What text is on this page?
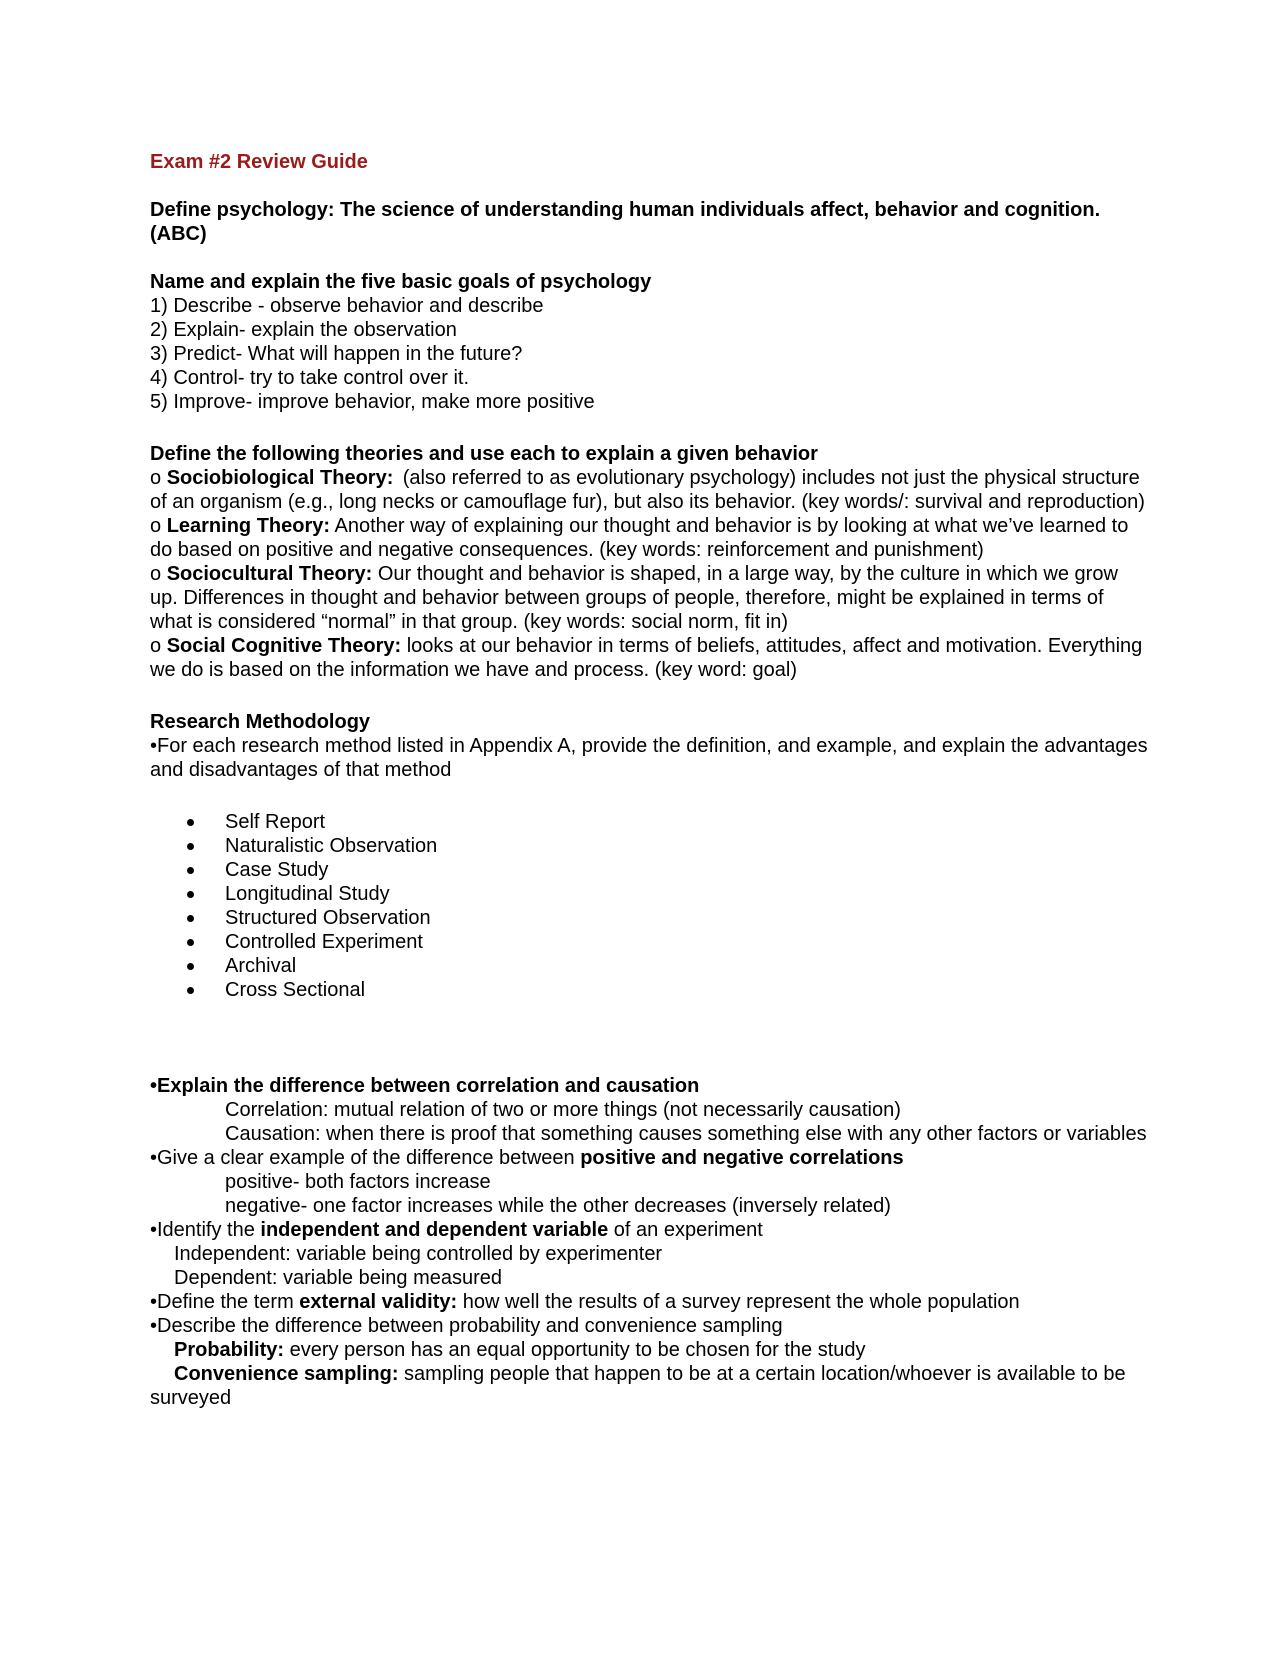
Exam #2 Review Guide

Define psychology: The science of understanding human individuals affect, behavior and cognition. (ABC)

Name and explain the five basic goals of psychology

1) Describe - observe behavior and describe

2) Explain- explain the observation

3) Predict- What will happen in the future?

4) Control- try to take control over it.

5) Improve- improve behavior, make more positive

Define the following theories and use each to explain a given behavior

o Sociobiological Theory: (also referred to as evolutionary psychology) includes not just the physical structure of an organism (e.g., long necks or camouflage fur), but also its behavior. (key words/: survival and reproduction)

o Learning Theory: Another way of explaining our thought and behavior is by looking at what we’ve learned to do based on positive and negative consequences. (key words: reinforcement and punishment)

o Sociocultural Theory: Our thought and behavior is shaped, in a large way, by the culture in which we grow up. Differences in thought and behavior between groups of people, therefore, might be explained in terms of what is considered “normal” in that group. (key words: social norm, fit in)

o Social Cognitive Theory: looks at our behavior in terms of beliefs, attitudes, affect and motivation. Everything we do is based on the information we have and process. (key word: goal)

Research Methodology

•For each research method listed in Appendix A, provide the definition, and example, and explain the advantages and disadvantages of that method

Self Report
Naturalistic Observation
Case Study
Longitudinal Study
Structured Observation
Controlled Experiment
Archival
Cross Sectional

•Explain the difference between correlation and causation

Correlation: mutual relation of two or more things (not necessarily causation)

Causation: when there is proof that something causes something else with any other factors or variables

•Give a clear example of the difference between positive and negative correlations

positive- both factors increase

negative- one factor increases while the other decreases (inversely related)

•Identify the independent and dependent variable of an experiment

Independent: variable being controlled by experimenter

Dependent: variable being measured

•Define the term external validity: how well the results of a survey represent the whole population

•Describe the difference between probability and convenience sampling

Probability: every person has an equal opportunity to be chosen for the study

Convenience sampling: sampling people that happen to be at a certain location/whoever is available to be surveyed
